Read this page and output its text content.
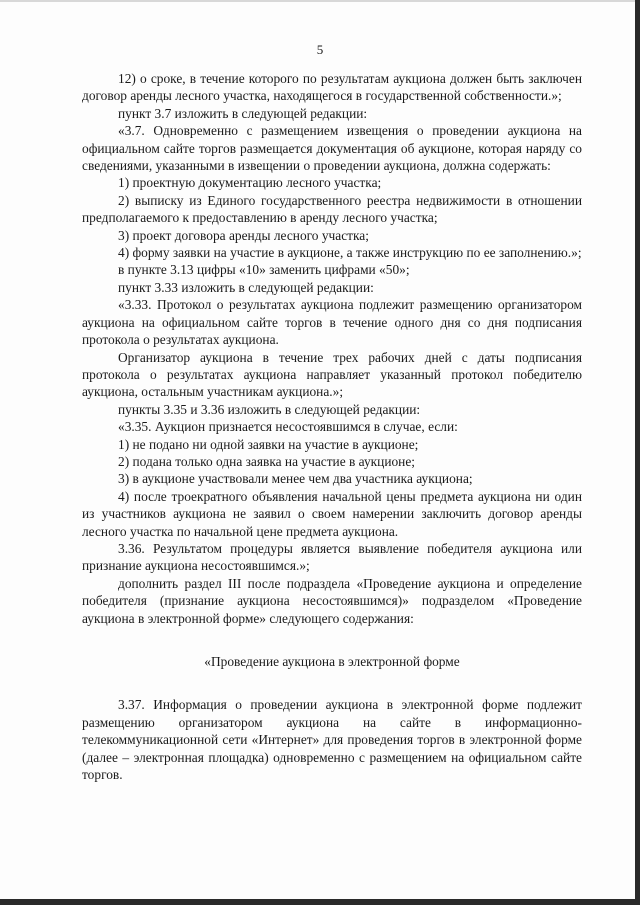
5

12) о сроке, в течение которого по результатам аукциона должен быть заключен договор аренды лесного участка, находящегося в государственной собственности.»;

пункт 3.7 изложить в следующей редакции:

«3.7. Одновременно с размещением извещения о проведении аукциона на официальном сайте торгов размещается документация об аукционе, которая наряду со сведениями, указанными в извещении о проведении аукциона, должна содержать:

1) проектную документацию лесного участка;

2) выписку из Единого государственного реестра недвижимости в отношении предполагаемого к предоставлению в аренду лесного участка;

3) проект договора аренды лесного участка;

4) форму заявки на участие в аукционе, а также инструкцию по ее заполнению.»;

в пункте 3.13 цифры «10» заменить цифрами «50»;

пункт 3.33 изложить в следующей редакции:

«3.33. Протокол о результатах аукциона подлежит размещению организатором аукциона на официальном сайте торгов в течение одного дня со дня подписания протокола о результатах аукциона.

Организатор аукциона в течение трех рабочих дней с даты подписания протокола о результатах аукциона направляет указанный протокол победителю аукциона, остальным участникам аукциона.»;

пункты 3.35 и 3.36 изложить в следующей редакции:

«3.35. Аукцион признается несостоявшимся в случае, если:

1) не подано ни одной заявки на участие в аукционе;

2) подана только одна заявка на участие в аукционе;

3) в аукционе участвовали менее чем два участника аукциона;

4) после троекратного объявления начальной цены предмета аукциона ни один из участников аукциона не заявил о своем намерении заключить договор аренды лесного участка по начальной цене предмета аукциона.

3.36. Результатом процедуры является выявление победителя аукциона или признание аукциона несостоявшимся.»;

дополнить раздел III после подраздела «Проведение аукциона и определение победителя (признание аукциона несостоявшимся)» подразделом «Проведение аукциона в электронной форме» следующего содержания:

«Проведение аукциона в электронной форме

3.37. Информация о проведении аукциона в электронной форме подлежит размещению организатором аукциона на сайте в информационно-телекоммуникационной сети «Интернет» для проведения торгов в электронной форме (далее – электронная площадка) одновременно с размещением на официальном сайте торгов.
